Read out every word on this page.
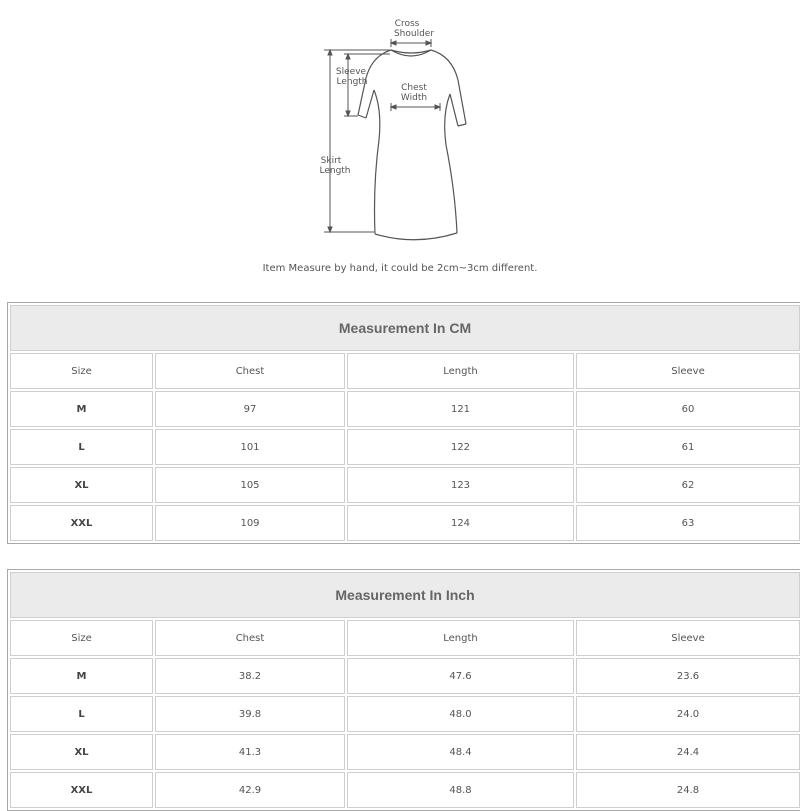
Cross
Shoulder
Chest
Width
Sleeve
Length
Skirt
Length
Item Measure by hand, it could be 2cm~3cm different.
Measurement In CM			
Size	Chest	Length	Sleeve
M	97	121	60
L	101	122	61
XL	105	123	62
XXL	109	124	63
Measurement In Inch			
Size	Chest	Length	Sleeve
M	38.2	47.6	23.6
L	39.8	48.0	24.0
XL	41.3	48.4	24.4
XXL	42.9	48.8	24.8
